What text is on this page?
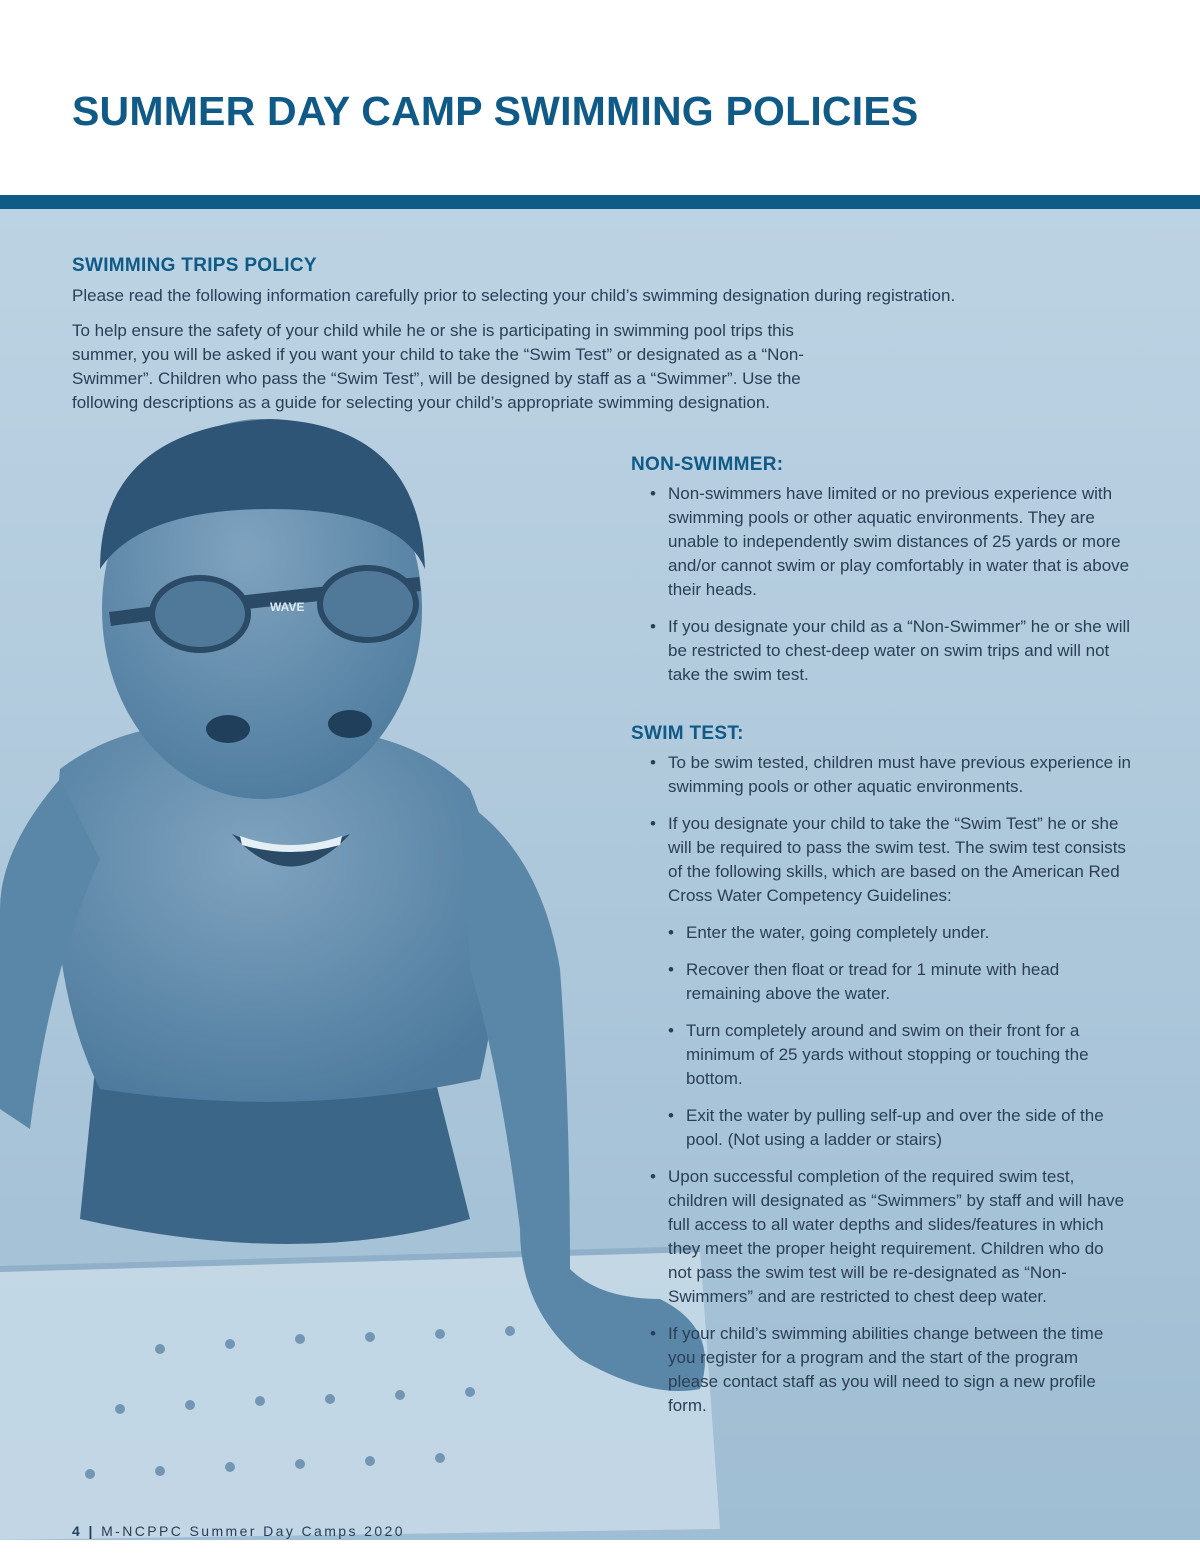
SUMMER DAY CAMP SWIMMING POLICIES
WAVE
SWIMMING TRIPS POLICY

Please read the following information carefully prior to selecting your child’s swimming designation during registration.

To help ensure the safety of your child while he or she is participating in swimming pool trips this
summer, you will be asked if you want your child to take the “Swim Test” or designated as a “Non-
Swimmer”. Children who pass the “Swim Test”, will be designed by staff as a “Swimmer”. Use the
following descriptions as a guide for selecting your child’s appropriate swimming designation.
NON-SWIMMER:
• Non-swimmers have limited or no previous experience with swimming pools or other aquatic environments. They are unable to independently swim distances of 25 yards or more and/or cannot swim or play comfortably in water that is above their heads.
• If you designate your child as a “Non-Swimmer” he or she will be restricted to chest-deep water on swim trips and will not take the swim test.
SWIM TEST:
• To be swim tested, children must have previous experience in swimming pools or other aquatic environments.
• If you designate your child to take the “Swim Test” he or she will be required to pass the swim test. The swim test consists of the following skills, which are based on the American Red Cross Water Competency Guidelines:
• Enter the water, going completely under.
• Recover then float or tread for 1 minute with head remaining above the water.
• Turn completely around and swim on their front for a minimum of 25 yards without stopping or touching the bottom.
• Exit the water by pulling self-up and over the side of the pool. (Not using a ladder or stairs)
• Upon successful completion of the required swim test, children will designated as “Swimmers” by staff and will have full access to all water depths and slides/features in which they meet the proper height requirement. Children who do not pass the swim test will be re-designated as “Non-Swimmers” and are restricted to chest deep water.
• If your child’s swimming abilities change between the time you register for a program and the start of the program please contact staff as you will need to sign a new profile form.
4 | M-NCPPC Summer Day Camps 2020
